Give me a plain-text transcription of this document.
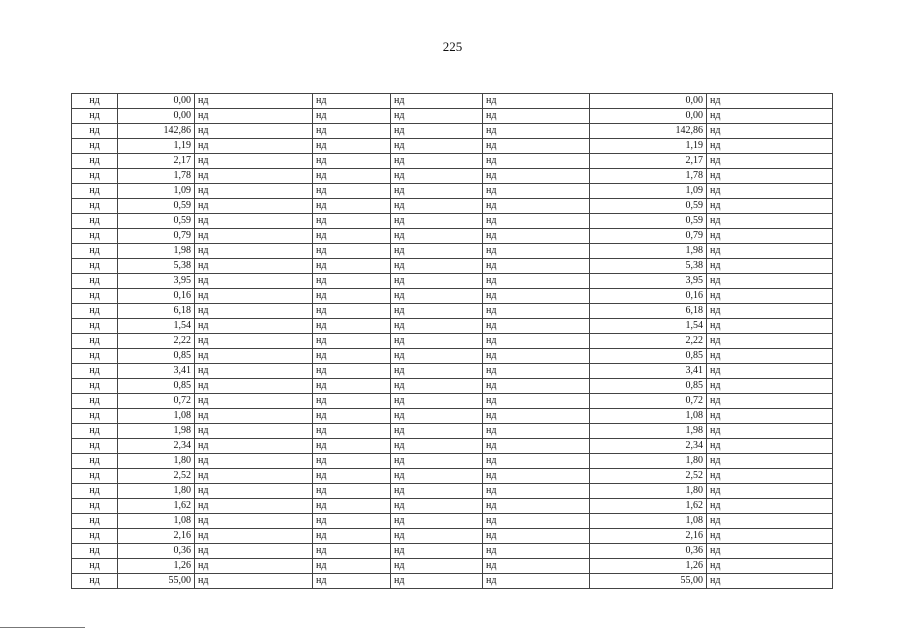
225
нд	0,00	нд	нд	нд	нд	0,00	нд
нд	0,00	нд	нд	нд	нд	0,00	нд
нд	142,86	нд	нд	нд	нд	142,86	нд
нд	1,19	нд	нд	нд	нд	1,19	нд
нд	2,17	нд	нд	нд	нд	2,17	нд
нд	1,78	нд	нд	нд	нд	1,78	нд
нд	1,09	нд	нд	нд	нд	1,09	нд
нд	0,59	нд	нд	нд	нд	0,59	нд
нд	0,59	нд	нд	нд	нд	0,59	нд
нд	0,79	нд	нд	нд	нд	0,79	нд
нд	1,98	нд	нд	нд	нд	1,98	нд
нд	5,38	нд	нд	нд	нд	5,38	нд
нд	3,95	нд	нд	нд	нд	3,95	нд
нд	0,16	нд	нд	нд	нд	0,16	нд
нд	6,18	нд	нд	нд	нд	6,18	нд
нд	1,54	нд	нд	нд	нд	1,54	нд
нд	2,22	нд	нд	нд	нд	2,22	нд
нд	0,85	нд	нд	нд	нд	0,85	нд
нд	3,41	нд	нд	нд	нд	3,41	нд
нд	0,85	нд	нд	нд	нд	0,85	нд
нд	0,72	нд	нд	нд	нд	0,72	нд
нд	1,08	нд	нд	нд	нд	1,08	нд
нд	1,98	нд	нд	нд	нд	1,98	нд
нд	2,34	нд	нд	нд	нд	2,34	нд
нд	1,80	нд	нд	нд	нд	1,80	нд
нд	2,52	нд	нд	нд	нд	2,52	нд
нд	1,80	нд	нд	нд	нд	1,80	нд
нд	1,62	нд	нд	нд	нд	1,62	нд
нд	1,08	нд	нд	нд	нд	1,08	нд
нд	2,16	нд	нд	нд	нд	2,16	нд
нд	0,36	нд	нд	нд	нд	0,36	нд
нд	1,26	нд	нд	нд	нд	1,26	нд
нд	55,00	нд	нд	нд	нд	55,00	нд
